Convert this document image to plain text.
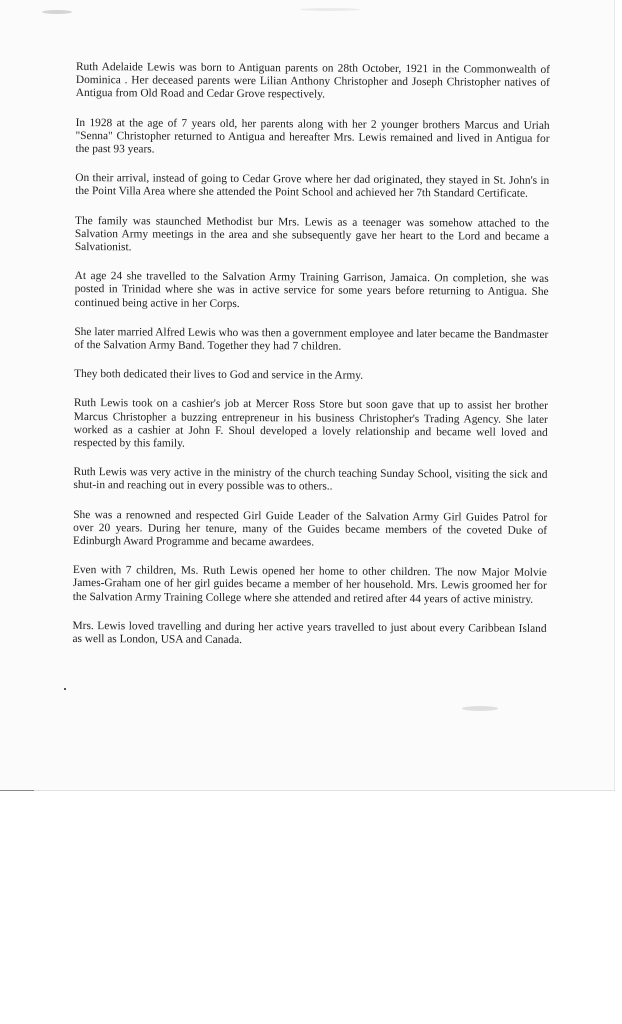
Ruth Adelaide Lewis was born to Antiguan parents on 28th October, 1921 in the Commonwealth of Dominica . Her deceased parents were Lilian Anthony Christopher and Joseph Christopher natives of Antigua from Old Road and Cedar Grove respectively.

In 1928 at the age of 7 years old, her parents along with her 2 younger brothers Marcus and Uriah "Senna" Christopher returned to Antigua and hereafter Mrs. Lewis remained and lived in Antigua for the past 93 years.

On their arrival, instead of going to Cedar Grove where her dad originated, they stayed in St. John's in the Point Villa Area where she attended the Point School and achieved her 7th Standard Certificate.

The family was staunched Methodist bur Mrs. Lewis as a teenager was somehow attached to the Salvation Army meetings in the area and she subsequently gave her heart to the Lord and became a Salvationist.

At age 24 she travelled to the Salvation Army Training Garrison, Jamaica. On completion, she was posted in Trinidad where she was in active service for some years before returning to Antigua. She continued being active in her Corps.

She later married Alfred Lewis who was then a government employee and later became the Bandmaster of the Salvation Army Band. Together they had 7 children.

They both dedicated their lives to God and service in the Army.

Ruth Lewis took on a cashier's job at Mercer Ross Store but soon gave that up to assist her brother Marcus Christopher a buzzing entrepreneur in his business Christopher's Trading Agency. She later worked as a cashier at John F. Shoul developed a lovely relationship and became well loved and respected by this family.

Ruth Lewis was very active in the ministry of the church teaching Sunday School, visiting the sick and shut-in and reaching out in every possible was to others..

She was a renowned and respected Girl Guide Leader of the Salvation Army Girl Guides Patrol for over 20 years. During her tenure, many of the Guides became members of the coveted Duke of Edinburgh Award Programme and became awardees.

Even with 7 children, Ms. Ruth Lewis opened her home to other children. The now Major Molvie James-Graham one of her girl guides became a member of her household. Mrs. Lewis groomed her for the Salvation Army Training College where she attended and retired after 44 years of active ministry.

Mrs. Lewis loved travelling and during her active years travelled to just about every Caribbean Island as well as London, USA and Canada.
